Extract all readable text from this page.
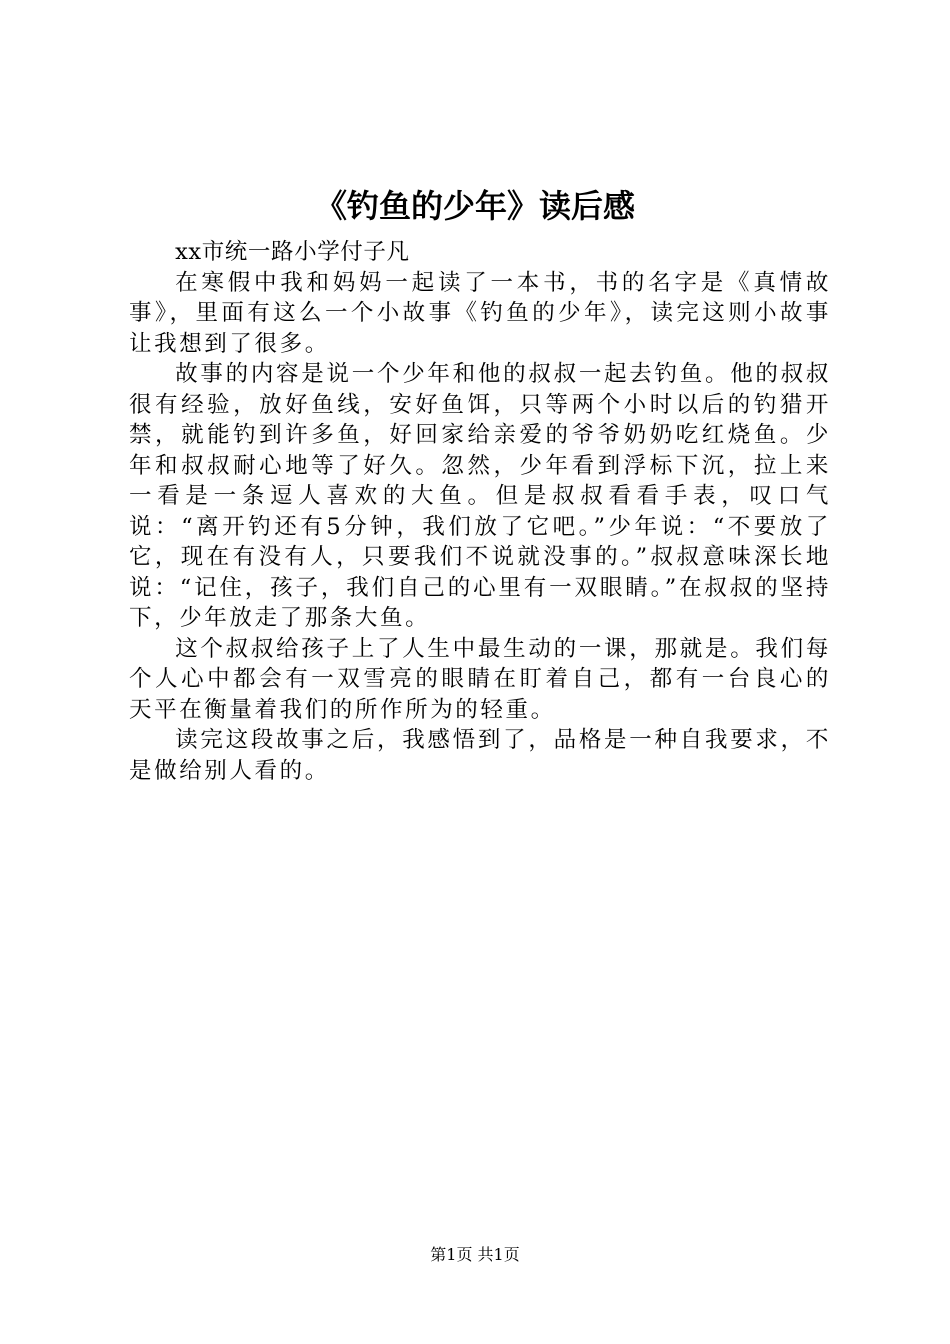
《钓鱼的少年》读后感

xx市统一路小学付子凡

在寒假中我和妈妈一起读了一本书，书的名字是《真情故事》，里面有这么一个小故事《钓鱼的少年》，读完这则小故事让我想到了很多。

故事的内容是说一个少年和他的叔叔一起去钓鱼。他的叔叔很有经验，放好鱼线，安好鱼饵，只等两个小时以后的钓猎开禁，就能钓到许多鱼，好回家给亲爱的爷爷奶奶吃红烧鱼。少年和叔叔耐心地等了好久。忽然，少年看到浮标下沉，拉上来一看是一条逗人喜欢的大鱼。但是叔叔看看手表，叹口气说：“离开钓还有5分钟，我们放了它吧。”少年说：“不要放了它，现在有没有人，只要我们不说就没事的。”叔叔意味深长地说：“记住，孩子，我们自己的心里有一双眼睛。”在叔叔的坚持下，少年放走了那条大鱼。

这个叔叔给孩子上了人生中最生动的一课，那就是。我们每个人心中都会有一双雪亮的眼睛在盯着自己，都有一台良心的天平在衡量着我们的所作所为的轻重。

读完这段故事之后，我感悟到了，品格是一种自我要求，不是做给别人看的。

第1页 共1页
